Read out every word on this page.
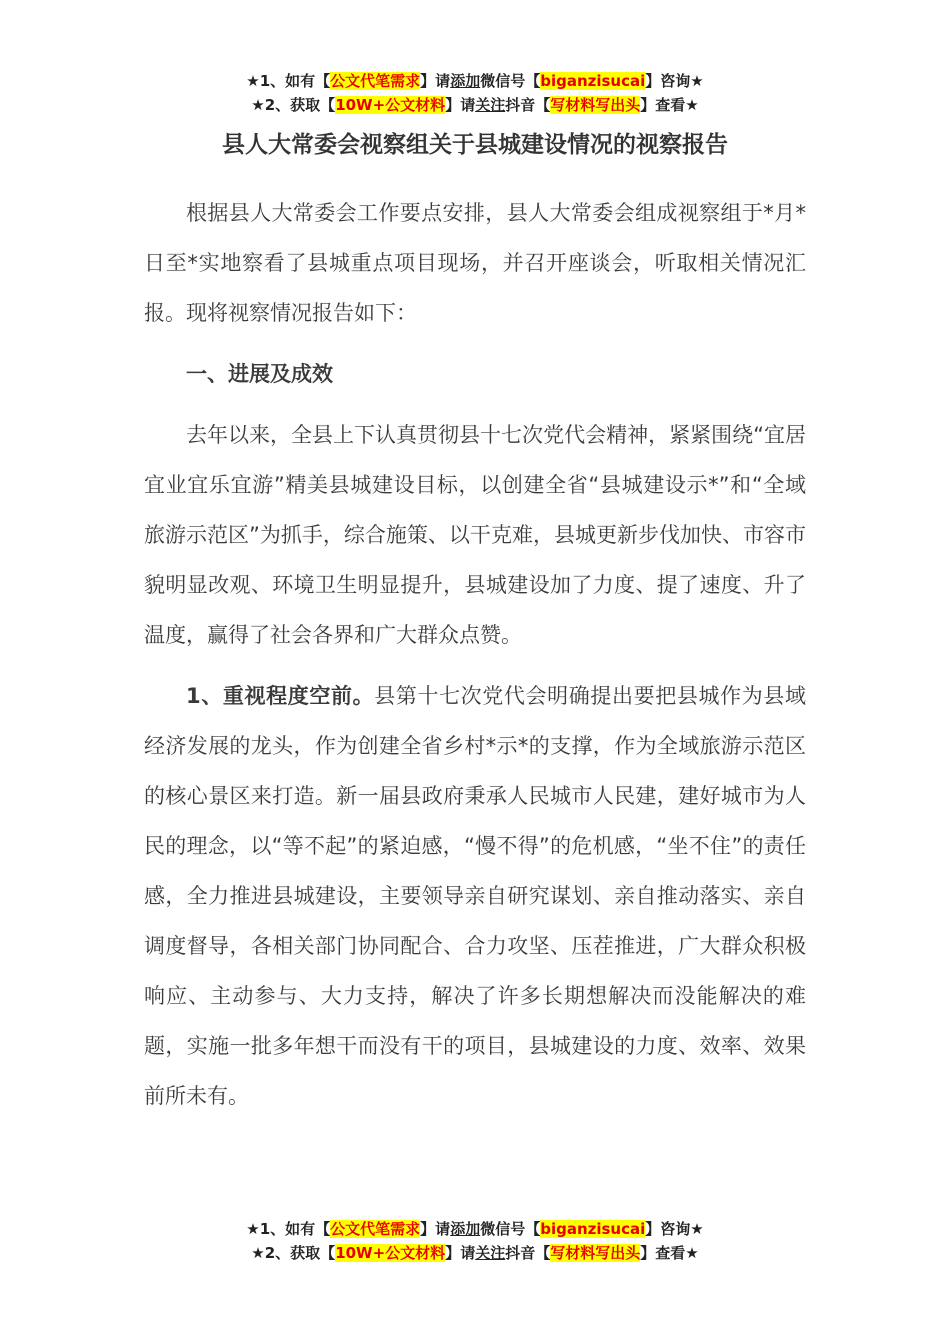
★1、如有【公文代笔需求】请添加微信号【biganzisucai】咨询★
★2、获取【10W+公文材料】请关注抖音【写材料写出头】查看★
县人大常委会视察组关于县城建设情况的视察报告

根据县人大常委会工作要点安排，县人大常委会组成视察组于*月*日至*实地察看了县城重点项目现场，并召开座谈会，听取相关情况汇报。现将视察情况报告如下：

一、进展及成效

去年以来，全县上下认真贯彻县十七次党代会精神，紧紧围绕“宜居宜业宜乐宜游”精美县城建设目标，以创建全省“县城建设示*”和“全域旅游示范区”为抓手，综合施策、以干克难，县城更新步伐加快、市容市貌明显改观、环境卫生明显提升，县城建设加了力度、提了速度、升了温度，赢得了社会各界和广大群众点赞。

1、重视程度空前。县第十七次党代会明确提出要把县城作为县域经济发展的龙头，作为创建全省乡村*示*的支撑，作为全域旅游示范区的核心景区来打造。新一届县政府秉承人民城市人民建，建好城市为人民的理念，以“等不起”的紧迫感，“慢不得”的危机感，“坐不住”的责任感，全力推进县城建设，主要领导亲自研究谋划、亲自推动落实、亲自调度督导，各相关部门协同配合、合力攻坚、压茬推进，广大群众积极响应、主动参与、大力支持，解决了许多长期想解决而没能解决的难题，实施一批多年想干而没有干的项目，县城建设的力度、效率、效果前所未有。

★1、如有【公文代笔需求】请添加微信号【biganzisucai】咨询★
★2、获取【10W+公文材料】请关注抖音【写材料写出头】查看★
